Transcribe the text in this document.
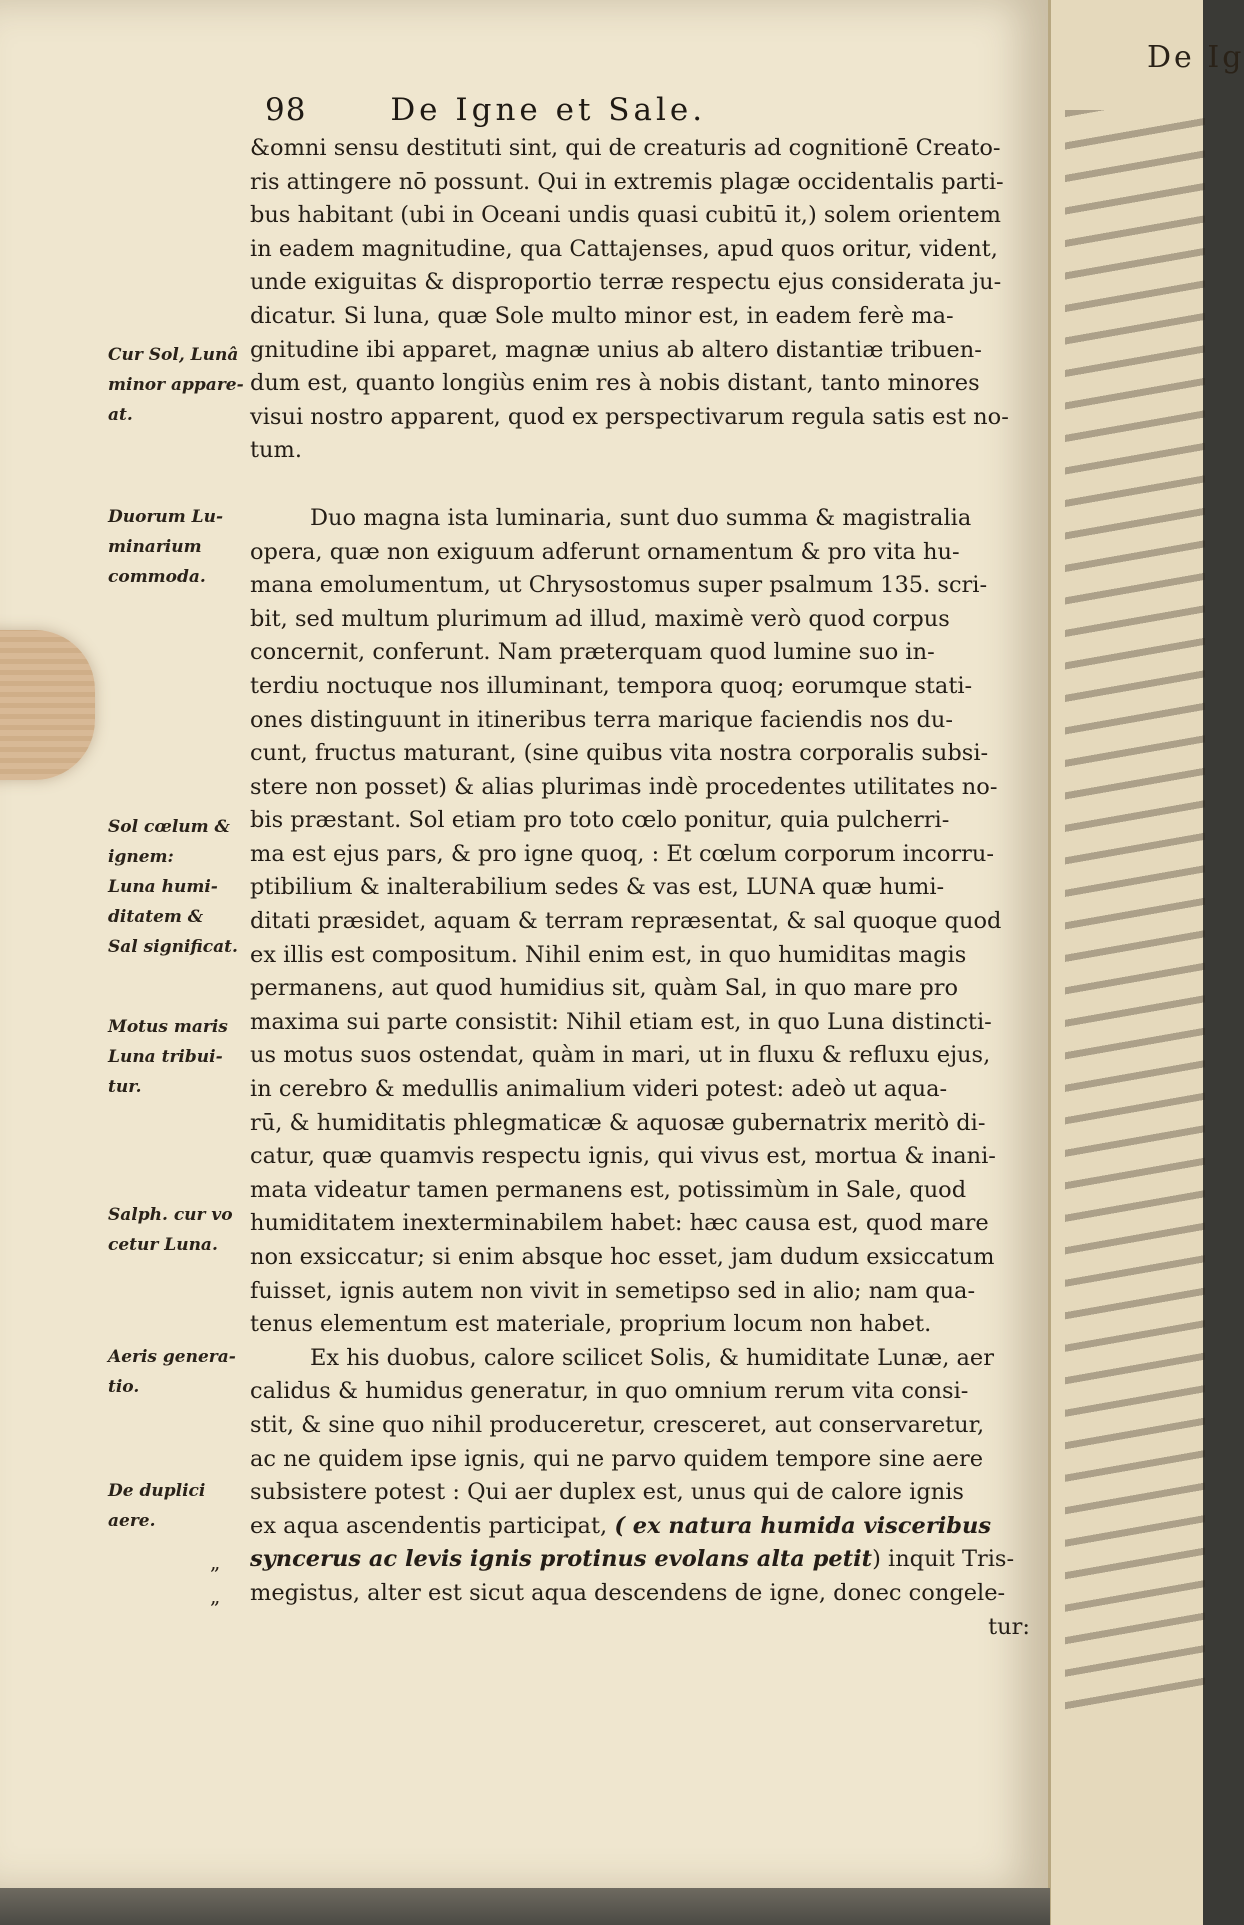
98	De Igne et Sale.
Cur Sol, Lunâ
minor appare-
at.
Duorum Lu-
minarium
commoda.
Sol cœlum &
ignem:
Luna humi-
ditatem &
Sal significat.
Motus maris
Luna tribui-
tur.
Salph. cur vo
cetur Luna.
Aeris genera-
tio.
De duplici
aere.
„
„

&omni sensu destituti sint, qui de creaturis ad cognitionē Creato-
ris attingere nō possunt. Qui in extremis plagæ occidentalis parti-
bus habitant (ubi in Oceani undis quasi cubitū it,) solem orientem
in eadem magnitudine, qua Cattajenses, apud quos oritur, vident,
unde exiguitas & disproportio terræ respectu ejus considerata ju-
dicatur. Si luna, quæ Sole multo minor est, in eadem ferè ma-
gnitudine ibi apparet, magnæ unius ab altero distantiæ tribuen-
dum est, quanto longiùs enim res à nobis distant, tanto minores
visui nostro apparent, quod ex perspectivarum regula satis est no-
tum.

Duo magna ista luminaria, sunt duo summa & magistralia
opera, quæ non exiguum adferunt ornamentum & pro vita hu-
mana emolumentum, ut Chrysostomus super psalmum 135. scri-
bit, sed multum plurimum ad illud, maximè verò quod corpus
concernit, conferunt. Nam præterquam quod lumine suo in-
terdiu noctuque nos illuminant, tempora quoq; eorumque stati-
ones distinguunt in itineribus terra marique faciendis nos du-
cunt, fructus maturant, (sine quibus vita nostra corporalis subsi-
stere non posset) & alias plurimas indè procedentes utilitates no-
bis præstant. Sol etiam pro toto cœlo ponitur, quia pulcherri-
ma est ejus pars, & pro igne quoq, : Et cœlum corporum incorru-
ptibilium & inalterabilium sedes & vas est, LUNA quæ humi-
ditati præsidet, aquam & terram repræsentat, & sal quoque quod
ex illis est compositum. Nihil enim est, in quo humiditas magis
permanens, aut quod humidius sit, quàm Sal, in quo mare pro
maxima sui parte consistit: Nihil etiam est, in quo Luna distincti-
us motus suos ostendat, quàm in mari, ut in fluxu & refluxu ejus,
in cerebro & medullis animalium videri potest: adeò ut aqua-
rū, & humiditatis phlegmaticæ & aquosæ gubernatrix meritò di-
catur, quæ quamvis respectu ignis, qui vivus est, mortua & inani-
mata videatur tamen permanens est, potissimùm in Sale, quod
humiditatem inexterminabilem habet: hæc causa est, quod mare
non exsiccatur; si enim absque hoc esset, jam dudum exsiccatum
fuisset, ignis autem non vivit in semetipso sed in alio; nam qua-
tenus elementum est materiale, proprium locum non habet.

Ex his duobus, calore scilicet Solis, & humiditate Lunæ, aer
calidus & humidus generatur, in quo omnium rerum vita consi-
stit, & sine quo nihil produceretur, cresceret, aut conservaretur,
ac ne quidem ipse ignis, qui ne parvo quidem tempore sine aere
subsistere potest : Qui aer duplex est, unus qui de calore ignis
ex aqua ascendentis participat, ( ex natura humida visceribus
syncerus ac levis ignis protinus evolans alta petit) inquit Tris-
megistus, alter est sicut aqua descendens de igne, donec congele-
tur:

De Ig
